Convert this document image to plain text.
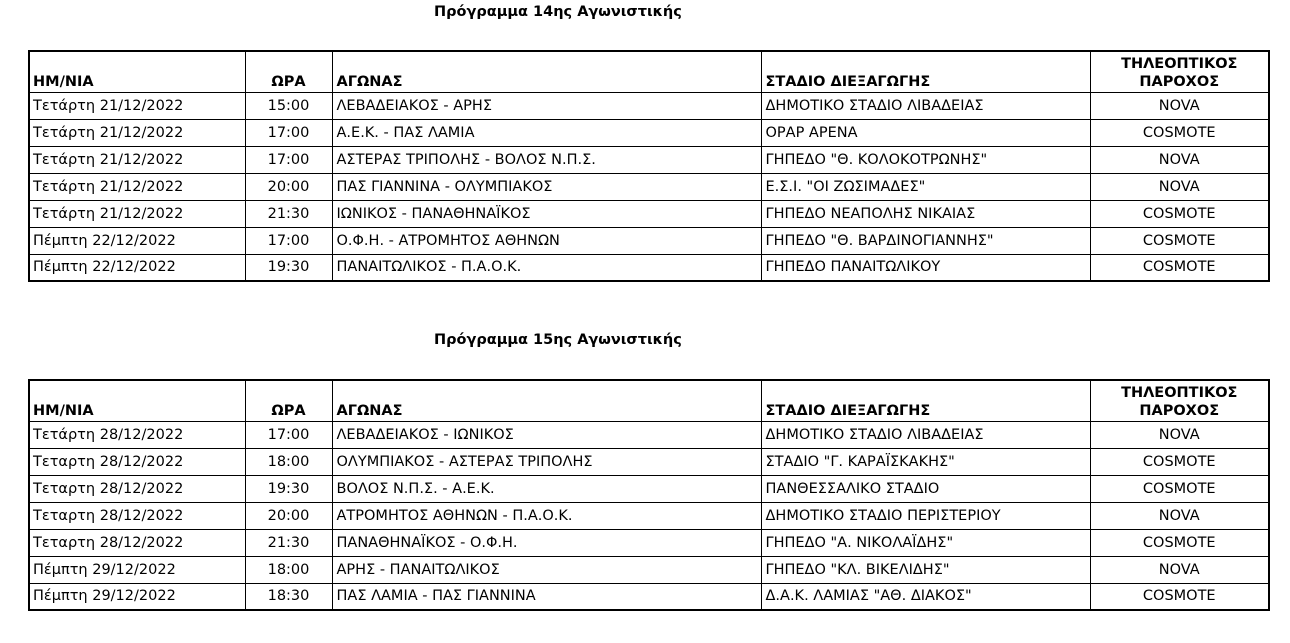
Πρόγραμμα 14ης Αγωνιστικής
ΗΜ/ΝΙΑ	ΩΡΑ	ΑΓΩΝΑΣ	ΣΤΑΔΙΟ ΔΙΕΞΑΓΩΓΗΣ	ΤΗΛΕΟΠΤΙΚΟΣ
ΠΑΡΟΧΟΣ
Τετάρτη 21/12/2022	15:00	ΛΕΒΑΔΕΙΑΚΟΣ - ΑΡΗΣ	ΔΗΜΟΤΙΚΟ ΣΤΑΔΙΟ ΛΙΒΑΔΕΙΑΣ	NOVA
Τετάρτη 21/12/2022	17:00	Α.Ε.Κ. - ΠΑΣ ΛΑΜΙΑ	ΟΡΑΡ ΑΡΕΝΑ	COSMOTE
Τετάρτη 21/12/2022	17:00	ΑΣΤΕΡΑΣ ΤΡΙΠΟΛΗΣ - ΒΟΛΟΣ Ν.Π.Σ.	ΓΗΠΕΔΟ "Θ. ΚΟΛΟΚΟΤΡΩΝΗΣ"	NOVA
Τετάρτη 21/12/2022	20:00	ΠΑΣ ΓΙΑΝΝΙΝΑ - ΟΛΥΜΠΙΑΚΟΣ	Ε.Σ.Ι. "ΟΙ ΖΩΣΙΜΑΔΕΣ"	NOVA
Τετάρτη 21/12/2022	21:30	ΙΩΝΙΚΟΣ - ΠΑΝΑΘΗΝΑΪΚΟΣ	ΓΗΠΕΔΟ ΝΕΑΠΟΛΗΣ ΝΙΚΑΙΑΣ	COSMOTE
Πέμπτη 22/12/2022	17:00	Ο.Φ.Η. - ΑΤΡΟΜΗΤΟΣ ΑΘΗΝΩΝ	ΓΗΠΕΔΟ "Θ. ΒΑΡΔΙΝΟΓΙΑΝΝΗΣ"	COSMOTE
Πέμπτη 22/12/2022	19:30	ΠΑΝΑΙΤΩΛΙΚΟΣ - Π.Α.Ο.Κ.	ΓΗΠΕΔΟ ΠΑΝΑΙΤΩΛΙΚΟΥ	COSMOTE
Πρόγραμμα 15ης Αγωνιστικής
ΗΜ/ΝΙΑ	ΩΡΑ	ΑΓΩΝΑΣ	ΣΤΑΔΙΟ ΔΙΕΞΑΓΩΓΗΣ	ΤΗΛΕΟΠΤΙΚΟΣ
ΠΑΡΟΧΟΣ
Τετάρτη 28/12/2022	17:00	ΛΕΒΑΔΕΙΑΚΟΣ - ΙΩΝΙΚΟΣ	ΔΗΜΟΤΙΚΟ ΣΤΑΔΙΟ ΛΙΒΑΔΕΙΑΣ	NOVA
Τεταρτη 28/12/2022	18:00	ΟΛΥΜΠΙΑΚΟΣ - ΑΣΤΕΡΑΣ ΤΡΙΠΟΛΗΣ	ΣΤΑΔΙΟ "Γ. ΚΑΡΑΪΣΚΑΚΗΣ"	COSMOTE
Τεταρτη 28/12/2022	19:30	ΒΟΛΟΣ Ν.Π.Σ. - Α.Ε.Κ.	ΠΑΝΘΕΣΣΑΛΙΚΟ ΣΤΑΔΙΟ	COSMOTE
Τεταρτη 28/12/2022	20:00	ΑΤΡΟΜΗΤΟΣ ΑΘΗΝΩΝ - Π.Α.Ο.Κ.	ΔΗΜΟΤΙΚΟ ΣΤΑΔΙΟ ΠΕΡΙΣΤΕΡΙΟΥ	NOVA
Τεταρτη 28/12/2022	21:30	ΠΑΝΑΘΗΝΑΪΚΟΣ - Ο.Φ.Η.	ΓΗΠΕΔΟ "Α. ΝΙΚΟΛΑΪΔΗΣ"	COSMOTE
Πέμπτη 29/12/2022	18:00	ΑΡΗΣ - ΠΑΝΑΙΤΩΛΙΚΟΣ	ΓΗΠΕΔΟ "ΚΛ. ΒΙΚΕΛΙΔΗΣ"	NOVA
Πέμπτη 29/12/2022	18:30	ΠΑΣ ΛΑΜΙΑ - ΠΑΣ ΓΙΑΝΝΙΝΑ	Δ.Α.Κ. ΛΑΜΙΑΣ "ΑΘ. ΔΙΑΚΟΣ"	COSMOTE
